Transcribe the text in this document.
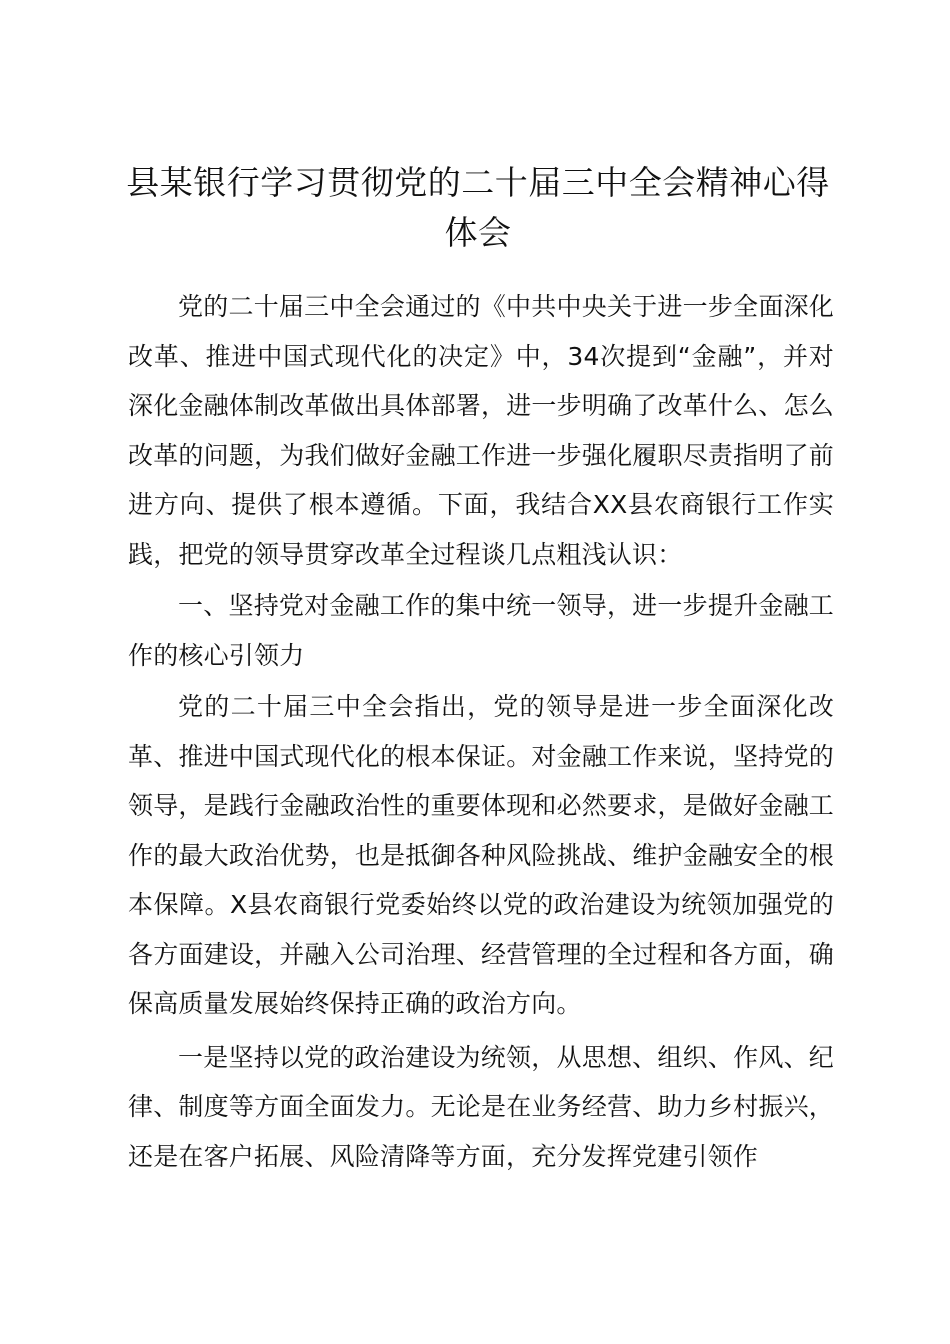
县某银行学习贯彻党的二十届三中全会精神心得体会

党的二十届三中全会通过的《中共中央关于进一步全面深化改革、推进中国式现代化的决定》中，34次提到“金融”，并对深化金融体制改革做出具体部署，进一步明确了改革什么、怎么改革的问题，为我们做好金融工作进一步强化履职尽责指明了前进方向、提供了根本遵循。下面，我结合XX县农商银行工作实践，把党的领导贯穿改革全过程谈几点粗浅认识：

一、坚持党对金融工作的集中统一领导，进一步提升金融工作的核心引领力

党的二十届三中全会指出，党的领导是进一步全面深化改革、推进中国式现代化的根本保证。对金融工作来说，坚持党的领导，是践行金融政治性的重要体现和必然要求，是做好金融工作的最大政治优势，也是抵御各种风险挑战、维护金融安全的根本保障。X县农商银行党委始终以党的政治建设为统领加强党的各方面建设，并融入公司治理、经营管理的全过程和各方面，确保高质量发展始终保持正确的政治方向。

一是坚持以党的政治建设为统领，从思想、组织、作风、纪律、制度等方面全面发力。无论是在业务经营、助力乡村振兴，还是在客户拓展、风险清降等方面，充分发挥党建引领作
